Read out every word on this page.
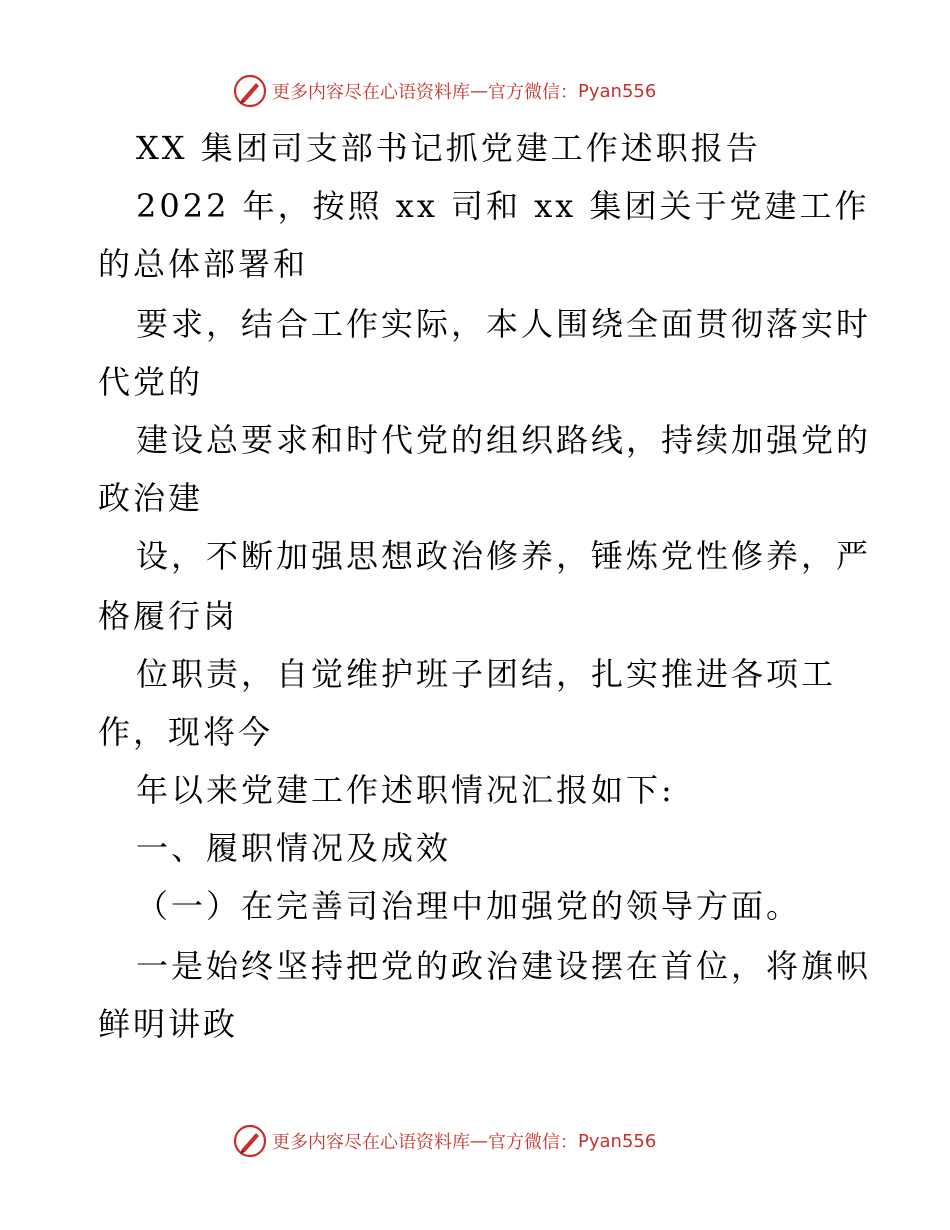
更多内容尽在心语资料库 — 官方微信： Pyan556
XX 集团司支部书记抓党建工作述职报告
2022 年，按照 xx 司和 xx 集团关于党建工作
的总体部署和
要求，结合工作实际，本人围绕全面贯彻落实时
代党的
建设总要求和时代党的组织路线，持续加强党的
政治建
设，不断加强思想政治修养，锤炼党性修养，严
格履行岗
位职责，自觉维护班子团结，扎实推进各项工
作，现将今
年以来党建工作述职情况汇报如下:
一、履职情况及成效
（一）在完善司治理中加强党的领导方面。
一是始终坚持把党的政治建设摆在首位，将旗帜
鲜明讲政
更多内容尽在心语资料库 — 官方微信： Pyan556
